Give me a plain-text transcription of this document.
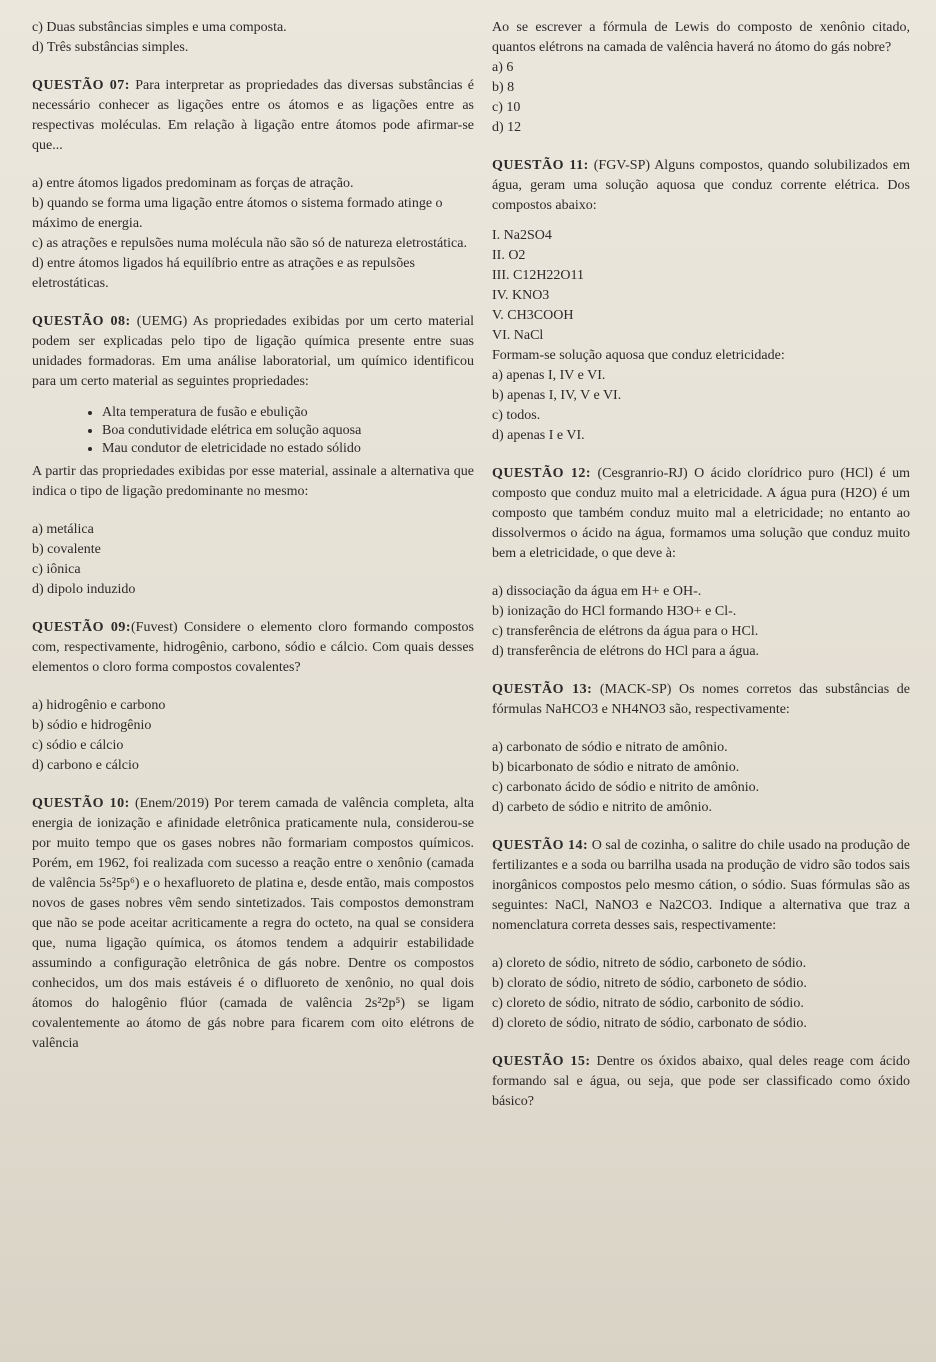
c) Duas substâncias simples e uma composta.

d) Três substâncias simples.

QUESTÃO 07: Para interpretar as propriedades das diversas substâncias é necessário conhecer as ligações entre os átomos e as ligações entre as respectivas moléculas. Em relação à ligação entre átomos pode afirmar-se que...

a) entre átomos ligados predominam as forças de atração.

b) quando se forma uma ligação entre átomos o sistema formado atinge o máximo de energia.

c) as atrações e repulsões numa molécula não são só de natureza eletrostática.

d) entre átomos ligados há equilíbrio entre as atrações e as repulsões eletrostáticas.

QUESTÃO 08: (UEMG) As propriedades exibidas por um certo material podem ser explicadas pelo tipo de ligação química presente entre suas unidades formadoras. Em uma análise laboratorial, um químico identificou para um certo material as seguintes propriedades:

• Alta temperatura de fusão e ebulição
• Boa condutividade elétrica em solução aquosa
• Mau condutor de eletricidade no estado sólido

A partir das propriedades exibidas por esse material, assinale a alternativa que indica o tipo de ligação predominante no mesmo:

a) metálica

b) covalente

c) iônica

d) dipolo induzido

QUESTÃO 09:(Fuvest) Considere o elemento cloro formando compostos com, respectivamente, hidrogênio, carbono, sódio e cálcio. Com quais desses elementos o cloro forma compostos covalentes?

a) hidrogênio e carbono

b) sódio e hidrogênio

c) sódio e cálcio

d) carbono e cálcio

QUESTÃO 10: (Enem/2019) Por terem camada de valência completa, alta energia de ionização e afinidade eletrônica praticamente nula, considerou-se por muito tempo que os gases nobres não formariam compostos químicos. Porém, em 1962, foi realizada com sucesso a reação entre o xenônio (camada de valência 5s²5p⁶) e o hexafluoreto de platina e, desde então, mais compostos novos de gases nobres vêm sendo sintetizados. Tais compostos demonstram que não se pode aceitar acriticamente a regra do octeto, na qual se considera que, numa ligação química, os átomos tendem a adquirir estabilidade assumindo a configuração eletrônica de gás nobre. Dentre os compostos conhecidos, um dos mais estáveis é o difluoreto de xenônio, no qual dois átomos do halogênio flúor (camada de valência 2s²2p⁵) se ligam covalentemente ao átomo de gás nobre para ficarem com oito elétrons de valência

Ao se escrever a fórmula de Lewis do composto de xenônio citado, quantos elétrons na camada de valência haverá no átomo do gás nobre?

a) 6

b) 8

c) 10

d) 12

QUESTÃO 11: (FGV-SP) Alguns compostos, quando solubilizados em água, geram uma solução aquosa que conduz corrente elétrica. Dos compostos abaixo:

I. Na2SO4

II. O2

III. C12H22O11

IV. KNO3

V. CH3COOH

VI. NaCl

Formam-se solução aquosa que conduz eletricidade:

a) apenas I, IV e VI.

b) apenas I, IV, V e VI.

c) todos.

d) apenas I e VI.

QUESTÃO 12: (Cesgranrio-RJ) O ácido clorídrico puro (HCl) é um composto que conduz muito mal a eletricidade. A água pura (H2O) é um composto que também conduz muito mal a eletricidade; no entanto ao dissolvermos o ácido na água, formamos uma solução que conduz muito bem a eletricidade, o que deve à:

a) dissociação da água em H+ e OH-.

b) ionização do HCl formando H3O+ e Cl-.

c) transferência de elétrons da água para o HCl.

d) transferência de elétrons do HCl para a água.

QUESTÃO 13: (MACK-SP) Os nomes corretos das substâncias de fórmulas NaHCO3 e NH4NO3 são, respectivamente:

a) carbonato de sódio e nitrato de amônio.

b) bicarbonato de sódio e nitrato de amônio.

c) carbonato ácido de sódio e nitrito de amônio.

d) carbeto de sódio e nitrito de amônio.

QUESTÃO 14: O sal de cozinha, o salitre do chile usado na produção de fertilizantes e a soda ou barrilha usada na produção de vidro são todos sais inorgânicos compostos pelo mesmo cátion, o sódio. Suas fórmulas são as seguintes: NaCl, NaNO3 e Na2CO3. Indique a alternativa que traz a nomenclatura correta desses sais, respectivamente:

a) cloreto de sódio, nitreto de sódio, carboneto de sódio.

b) clorato de sódio, nitreto de sódio, carboneto de sódio.

c) cloreto de sódio, nitrato de sódio, carbonito de sódio.

d) cloreto de sódio, nitrato de sódio, carbonato de sódio.

QUESTÃO 15: Dentre os óxidos abaixo, qual deles reage com ácido formando sal e água, ou seja, que pode ser classificado como óxido básico?
